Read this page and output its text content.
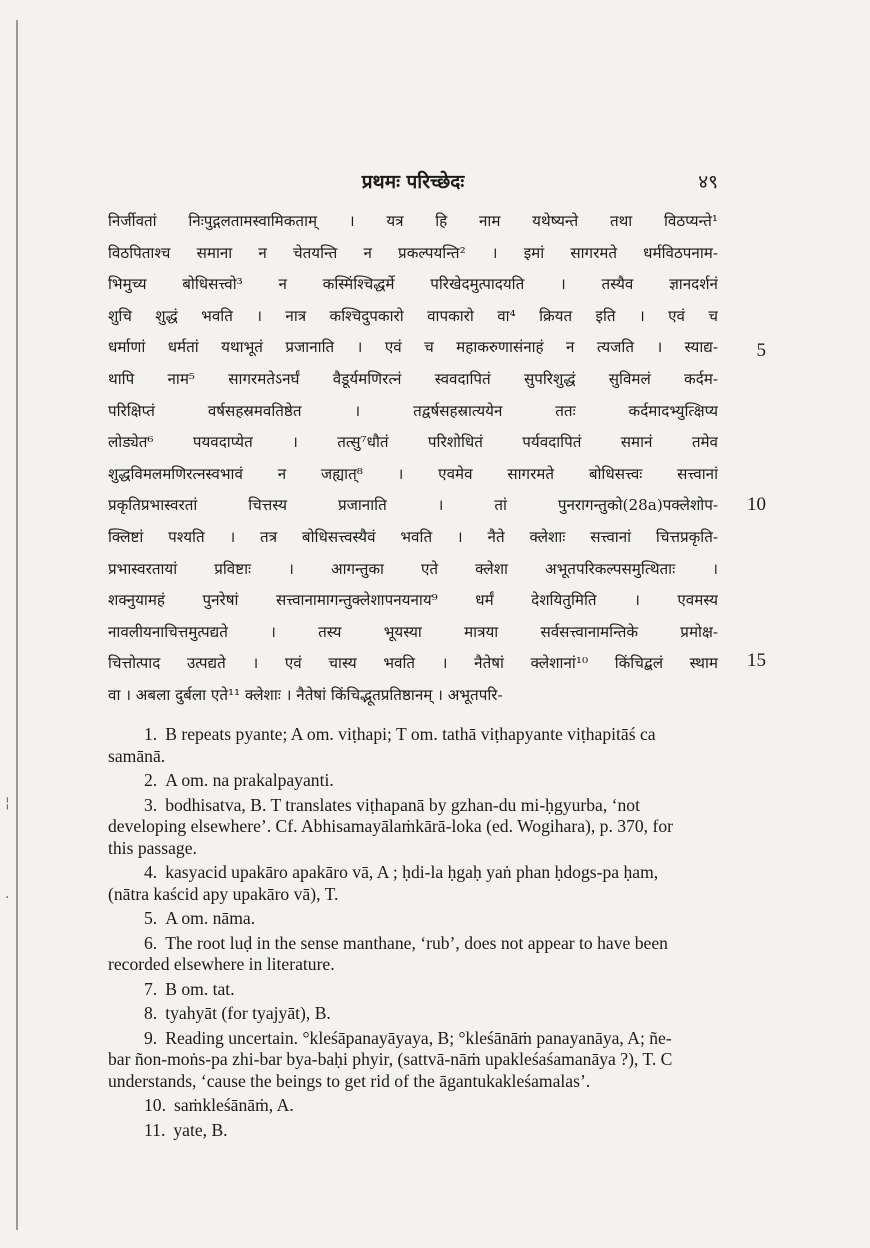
¦
·
प्रथमः परिच्छेदः	४९
निर्जीवतां निःपुद्गलतामस्वामिकताम् । यत्र हि नाम यथेष्यन्ते तथा विठप्यन्ते¹
विठपिताश्च समाना न चेतयन्ति न प्रकल्पयन्ति² । इमां सागरमते धर्मविठपनाम-
भिमुच्य बोधिसत्त्वो³ न कस्मिंश्चिद्धर्मे परिखेदमुत्पादयति । तस्यैव ज्ञानदर्शनं
शुचि शुद्धं भवति । नात्र कश्चिदुपकारो वापकारो वा⁴ क्रियत इति । एवं च
धर्माणां धर्मतां यथाभूतं प्रजानाति । एवं च महाकरुणासंनाहं न त्यजति । स्याद्य-
थापि नाम⁵ सागरमतेऽनर्घं वैडूर्यमणिरत्नं स्ववदापितं सुपरिशुद्धं सुविमलं कर्दम-
परिक्षिप्तं वर्षसहस्रमवतिष्ठेत । तद्वर्षसहस्रात्ययेन ततः कर्दमादभ्युत्क्षिप्य
लोड्येत⁶ पयवदाप्येत । तत्सु⁷धौतं परिशोधितं पर्यवदापितं समानं तमेव
शुद्धविमलमणिरत्नस्वभावं न जह्यात्⁸ । एवमेव सागरमते बोधिसत्त्वः सत्त्वानां
प्रकृतिप्रभास्वरतां चित्तस्य प्रजानाति । तां पुनरागन्तुको(28a)पक्लेशोप-
क्लिष्टां पश्यति । तत्र बोधिसत्त्वस्यैवं भवति । नैते क्लेशाः सत्त्वानां चित्तप्रकृति-
प्रभास्वरतायां प्रविष्टाः । आगन्तुका एते क्लेशा अभूतपरिकल्पसमुत्थिताः ।
शक्नुयामहं पुनरेषां सत्त्वानामागन्तुक्लेशापनयनाय⁹ धर्मं देशयितुमिति । एवमस्य
नावलीयनाचित्तमुत्पद्यते । तस्य भूयस्या मात्रया सर्वसत्त्वानामन्तिके प्रमोक्ष-
चित्तोत्पाद उत्पद्यते । एवं चास्य भवति । नैतेषां क्लेशानां¹⁰ किंचिद्बलं स्थाम
वा । अबला दुर्बला एते¹¹ क्लेशाः । नैतेषां किंचिद्भूतप्रतिष्ठानम् । अभूतपरि-
5
10
15
1. B repeats pyante; A om. viṭhapi; T om. tathā viṭhapyante viṭhapitāś ca samānā.
2. A om. na prakalpayanti.
3. bodhisatva, B. T translates viṭhapanā by gzhan-du mi-ḥgyurba, ‘not developing elsewhere’. Cf. Abhisamayālaṁkārā-loka (ed. Wogihara), p. 370, for this passage.
4. kasyacid upakāro apakāro vā, A ; ḥdi-la ḥgaḥ yaṅ phan ḥdogs-pa ḥam, (nātra kaścid apy upakāro vā), T.
5. A om. nāma.
6. The root luḍ in the sense manthane, ‘rub’, does not appear to have been recorded elsewhere in literature.
7. B om. tat.
8. tyahyāt (for tyajyāt), B.
9. Reading uncertain. °kleśāpanayāyaya, B; °kleśānāṁ panayanāya, A; ñe-bar ñon-moṅs-pa zhi-bar bya-baḥi phyir, (sattvā-nāṁ upakleśaśamanāya ?), T. C understands, ‘cause the beings to get rid of the āgantukakleśamalas’.
10. saṁkleśānāṁ, A.
11. yate, B.
